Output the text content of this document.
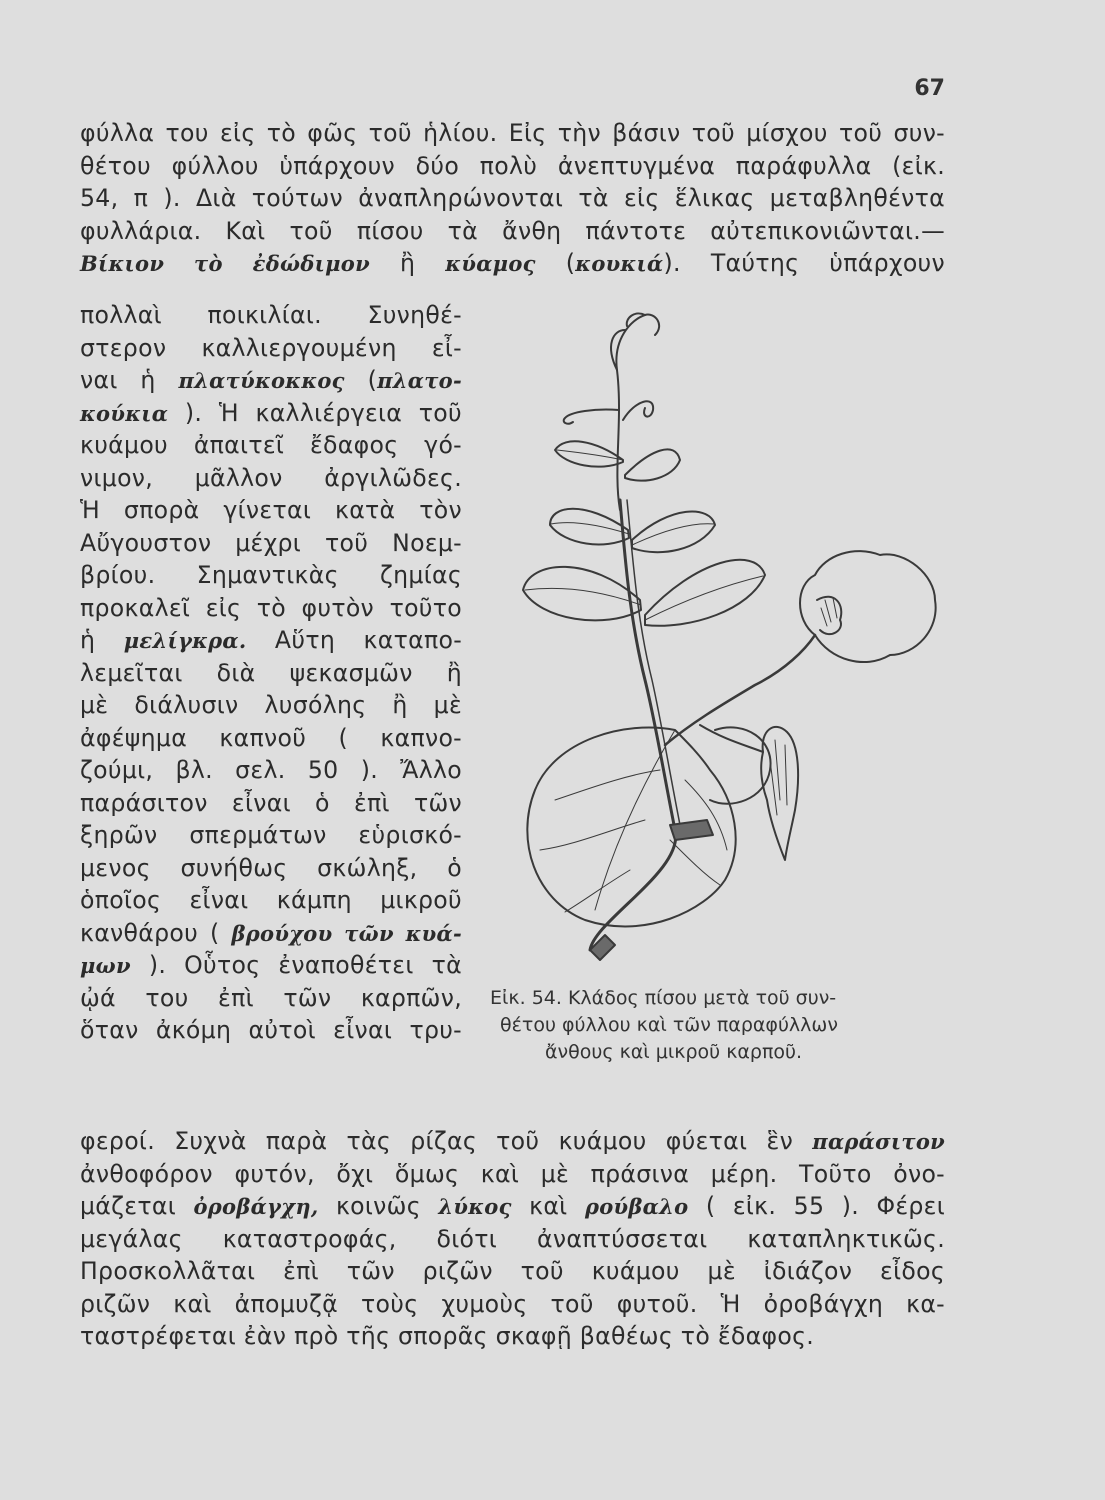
67
φύλλα του εἰς τὸ φῶς τοῦ ἡλίου. Εἰς τὴν βάσιν τοῦ μίσχου τοῦ συν-
θέτου φύλλου ὑπάρχουν δύο πολὺ ἀνεπτυγμένα παράφυλλα (εἰκ.
54, π ). Διὰ τούτων ἀναπληρώνονται τὰ εἰς ἕλικας μεταβληθέντα
φυλλάρια. Καὶ τοῦ πίσου τὰ ἄνθη πάντοτε αὐτεπικονιῶνται.—
Βίκιον τὸ ἐδώδιμον ἢ κύαμος (κουκιά). Ταύτης ὑπάρχουν
πολλαὶ ποικιλίαι. Συνηθέ-
στερον καλλιεργουμένη εἶ-
ναι ἡ πλατύκοκκος (πλατο-
κούκια ). Ἡ καλλιέργεια τοῦ
κυάμου ἀπαιτεῖ ἔδαφος γό-
νιμον, μᾶλλον ἀργιλῶδες.
Ἡ σπορὰ γίνεται κατὰ τὸν
Αὔγουστον μέχρι τοῦ Νοεμ-
βρίου. Σημαντικὰς ζημίας
προκαλεῖ εἰς τὸ φυτὸν τοῦτο
ἡ μελίγκρα. Αὕτη καταπο-
λεμεῖται διὰ ψεκασμῶν ἢ
μὲ διάλυσιν λυσόλης ἢ μὲ
ἀφέψημα καπνοῦ ( καπνο-
ζούμι, βλ. σελ. 50 ). Ἄλλο
παράσιτον εἶναι ὁ ἐπὶ τῶν
ξηρῶν σπερμάτων εὑρισκό-
μενος συνήθως σκώληξ, ὁ
ὁποῖος εἶναι κάμπη μικροῦ
κανθάρου ( βρούχου τῶν κυά-
μων ). Οὗτος ἐναποθέτει τὰ
ᾠά του ἐπὶ τῶν καρπῶν,
ὅταν ἀκόμη αὐτοὶ εἶναι τρυ-
φεροί. Συχνὰ παρὰ τὰς ρίζας τοῦ κυάμου φύεται ἓν παράσιτον
ἀνθοφόρον φυτόν, ὄχι ὅμως καὶ μὲ πράσινα μέρη. Τοῦτο ὀνο-
μάζεται ὀροβάγχη, κοινῶς λύκος καὶ ρούβαλο ( εἰκ. 55 ). Φέρει
μεγάλας καταστροφάς, διότι ἀναπτύσσεται καταπληκτικῶς.
Προσκολλᾶται ἐπὶ τῶν ριζῶν τοῦ κυάμου μὲ ἰδιάζον εἶδος
ριζῶν καὶ ἀπομυζᾷ τοὺς χυμοὺς τοῦ φυτοῦ. Ἡ ὀροβάγχη κα-
ταστρέφεται ἐὰν πρὸ τῆς σπορᾶς σκαφῇ βαθέως τὸ ἔδαφος.
Εἰκ. 54. Κλάδος πίσου μετὰ τοῦ συν-
θέτου φύλλου καὶ τῶν παραφύλλων
ἄνθους καὶ μικροῦ καρποῦ.
